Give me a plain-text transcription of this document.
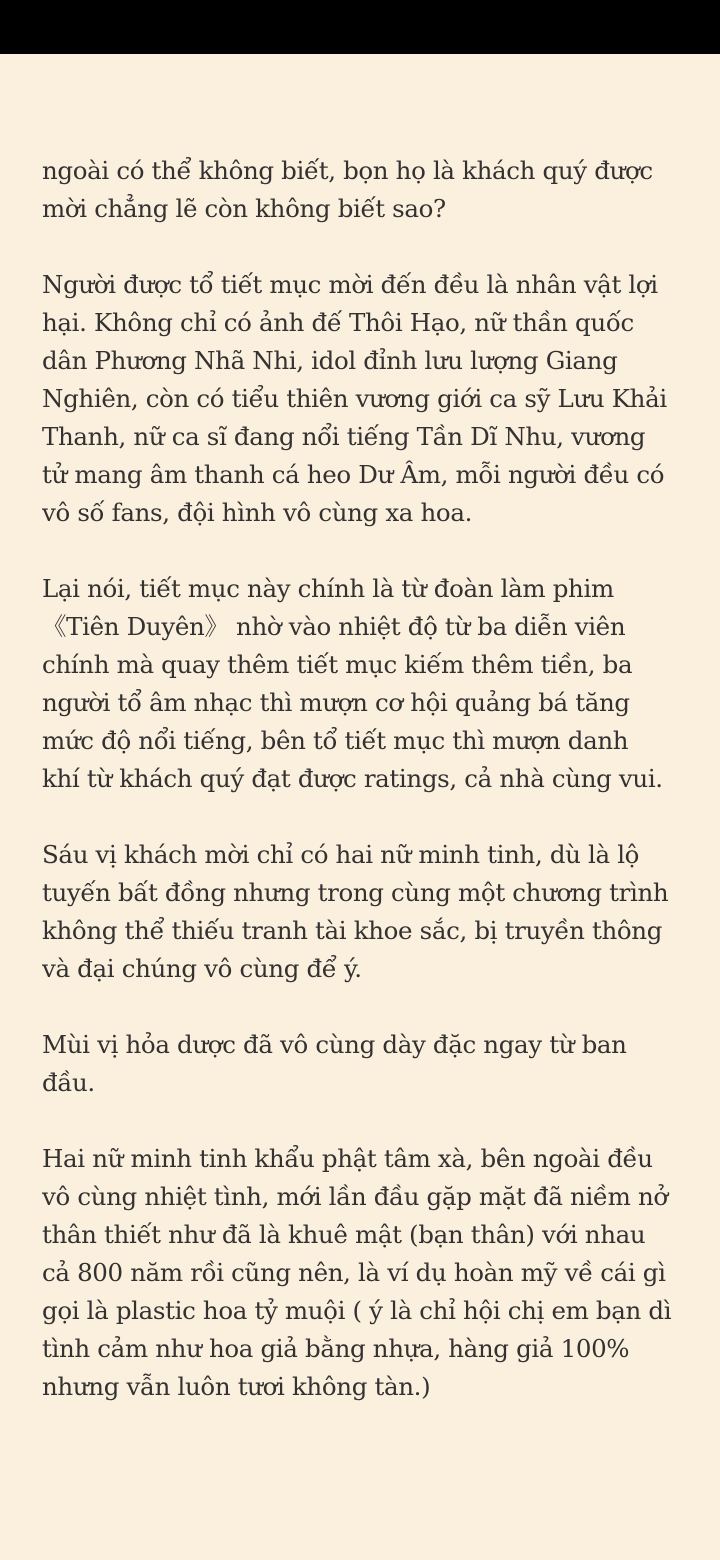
ngoài có thể không biết, bọn họ là khách quý được mời chẳng lẽ còn không biết sao?

Người được tổ tiết mục mời đến đều là nhân vật lợi hại. Không chỉ có ảnh đế Thôi Hạo, nữ thần quốc dân Phương Nhã Nhi, idol đỉnh lưu lượng Giang Nghiên, còn có tiểu thiên vương giới ca sỹ Lưu Khải Thanh, nữ ca sĩ đang nổi tiếng Tần Dĩ Nhu, vương tử mang âm thanh cá heo Dư Âm, mỗi người đều có vô số fans, đội hình vô cùng xa hoa.

Lại nói, tiết mục này chính là từ đoàn làm phim 《Tiên Duyên》 nhờ vào nhiệt độ từ ba diễn viên chính mà quay thêm tiết mục kiếm thêm tiền, ba người tổ âm nhạc thì mượn cơ hội quảng bá tăng mức độ nổi tiếng, bên tổ tiết mục thì mượn danh khí từ khách quý đạt được ratings, cả nhà cùng vui.

Sáu vị khách mời chỉ có hai nữ minh tinh, dù là lộ tuyến bất đồng nhưng trong cùng một chương trình không thể thiếu tranh tài khoe sắc, bị truyền thông và đại chúng vô cùng để ý.

Mùi vị hỏa dược đã vô cùng dày đặc ngay từ ban đầu.

Hai nữ minh tinh khẩu phật tâm xà, bên ngoài đều vô cùng nhiệt tình, mới lần đầu gặp mặt đã niềm nở thân thiết như đã là khuê mật (bạn thân) với nhau cả 800 năm rồi cũng nên, là ví dụ hoàn mỹ về cái gì gọi là plastic hoa tỷ muội ( ý là chỉ hội chị em bạn dì tình cảm như hoa giả bằng nhựa, hàng giả 100% nhưng vẫn luôn tươi không tàn.)
